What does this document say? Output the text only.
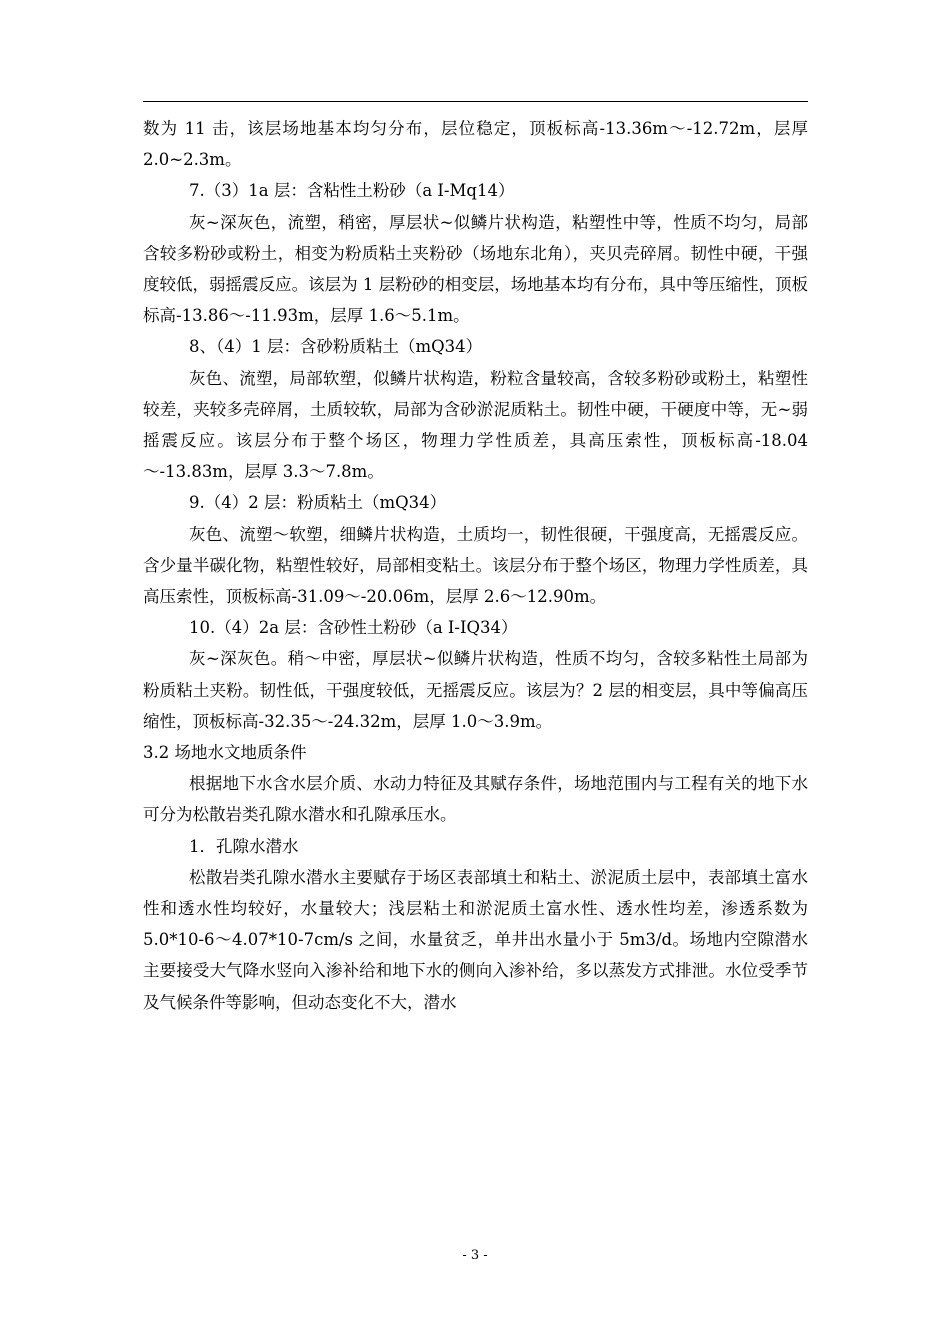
数为 11 击，该层场地基本均匀分布，层位稳定，顶板标高-13.36m～-12.72m，层厚 2.0~2.3m。

7.（3）1a 层：含粘性土粉砂（a I-Mq14）

灰~深灰色，流塑，稍密，厚层状~似鳞片状构造，粘塑性中等，性质不均匀，局部含较多粉砂或粉土，相变为粉质粘土夹粉砂（场地东北角），夹贝壳碎屑。韧性中硬，干强度较低，弱摇震反应。该层为 1 层粉砂的相变层，场地基本均有分布，具中等压缩性，顶板标高-13.86～-11.93m，层厚 1.6～5.1m。

8、（4）1 层：含砂粉质粘土（mQ34）

灰色、流塑，局部软塑，似鳞片状构造，粉粒含量较高，含较多粉砂或粉土，粘塑性较差，夹较多壳碎屑，土质较软，局部为含砂淤泥质粘土。韧性中硬，干硬度中等，无~弱摇震反应。该层分布于整个场区，物理力学性质差，具高压索性，顶板标高-18.04～-13.83m，层厚 3.3～7.8m。

9.（4）2 层：粉质粘土（mQ34）

灰色、流塑～软塑，细鳞片状构造，土质均一，韧性很硬，干强度高，无摇震反应。含少量半碳化物，粘塑性较好，局部相变粘土。该层分布于整个场区，物理力学性质差，具高压索性，顶板标高-31.09～-20.06m，层厚 2.6～12.90m。

10.（4）2a 层：含砂性土粉砂（a I-IQ34）

灰~深灰色。稍～中密，厚层状~似鳞片状构造，性质不均匀，含较多粘性土局部为粉质粘土夹粉。韧性低，干强度较低，无摇震反应。该层为？2 层的相变层，具中等偏高压缩性，顶板标高-32.35～-24.32m，层厚 1.0～3.9m。

3.2 场地水文地质条件

根据地下水含水层介质、水动力特征及其赋存条件，场地范围内与工程有关的地下水可分为松散岩类孔隙水潜水和孔隙承压水。

1．孔隙水潜水

松散岩类孔隙水潜水主要赋存于场区表部填土和粘土、淤泥质土层中，表部填土富水性和透水性均较好，水量较大；浅层粘土和淤泥质土富水性、透水性均差，渗透系数为 5.0*10-6～4.07*10-7cm/s 之间，水量贫乏，单井出水量小于 5m3/d。场地内空隙潜水主要接受大气降水竖向入渗补给和地下水的侧向入渗补给，多以蒸发方式排泄。水位受季节及气候条件等影响，但动态变化不大，潜水

- 3 -
